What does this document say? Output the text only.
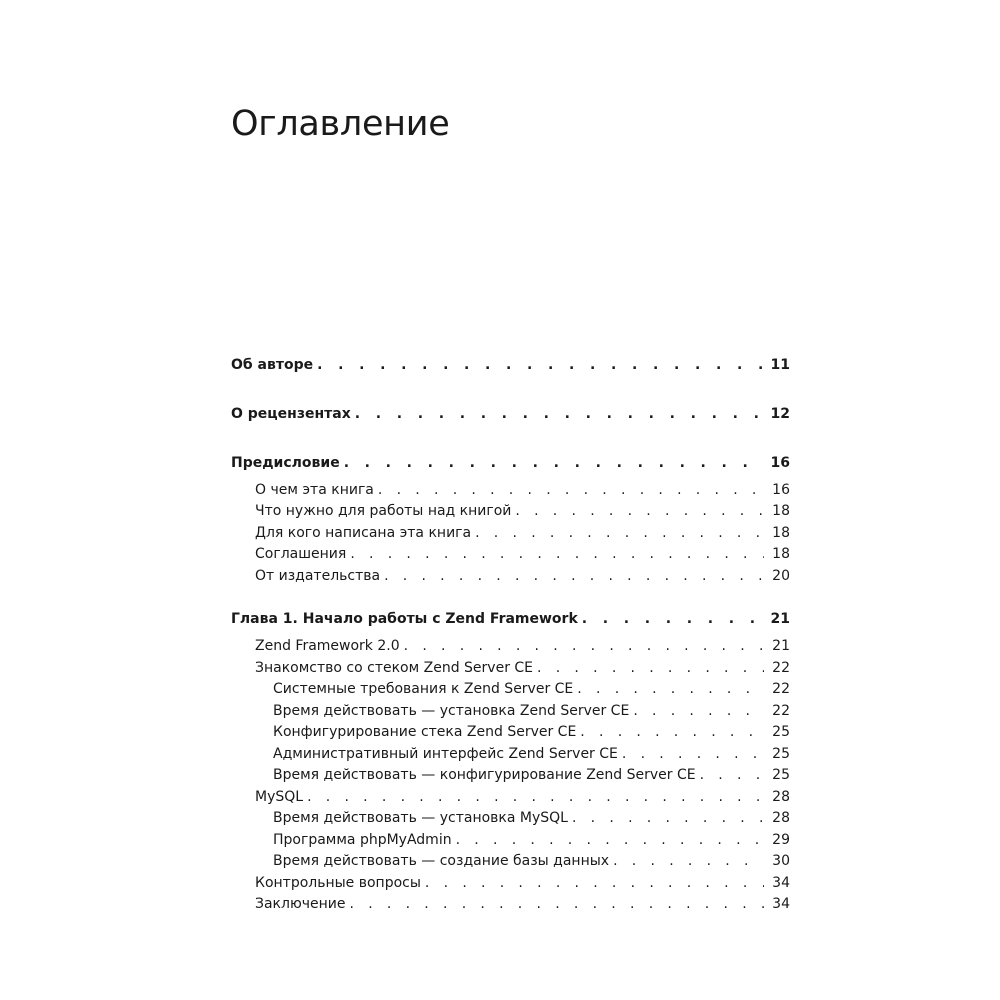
Оглавление
Об авторе . . .	11
О рецензентах . . .	12
Предисловие . . .	16
О чем эта книга . . .	16
Что нужно для работы над книгой . . .	18
Для кого написана эта книга . . .	18
Соглашения . . .	18
От издательства . . .	20
Глава 1. Начало работы с Zend Framework . . .	21
Zend Framework 2.0 . . .	21
Знакомство со стеком Zend Server CE . . .	22
Системные требования к Zend Server CE . . .	22
Время действовать — установка Zend Server CE . . .	22
Конфигурирование стека Zend Server CE . . .	25
Административный интерфейс Zend Server CE . . .	25
Время действовать — конфигурирование Zend Server CE . . .	25
MySQL . . .	28
Время действовать — установка MySQL . . .	28
Программа phpMyAdmin . . .	29
Время действовать — создание базы данных . . .	30
Контрольные вопросы . . .	34
Заключение . . .	34
